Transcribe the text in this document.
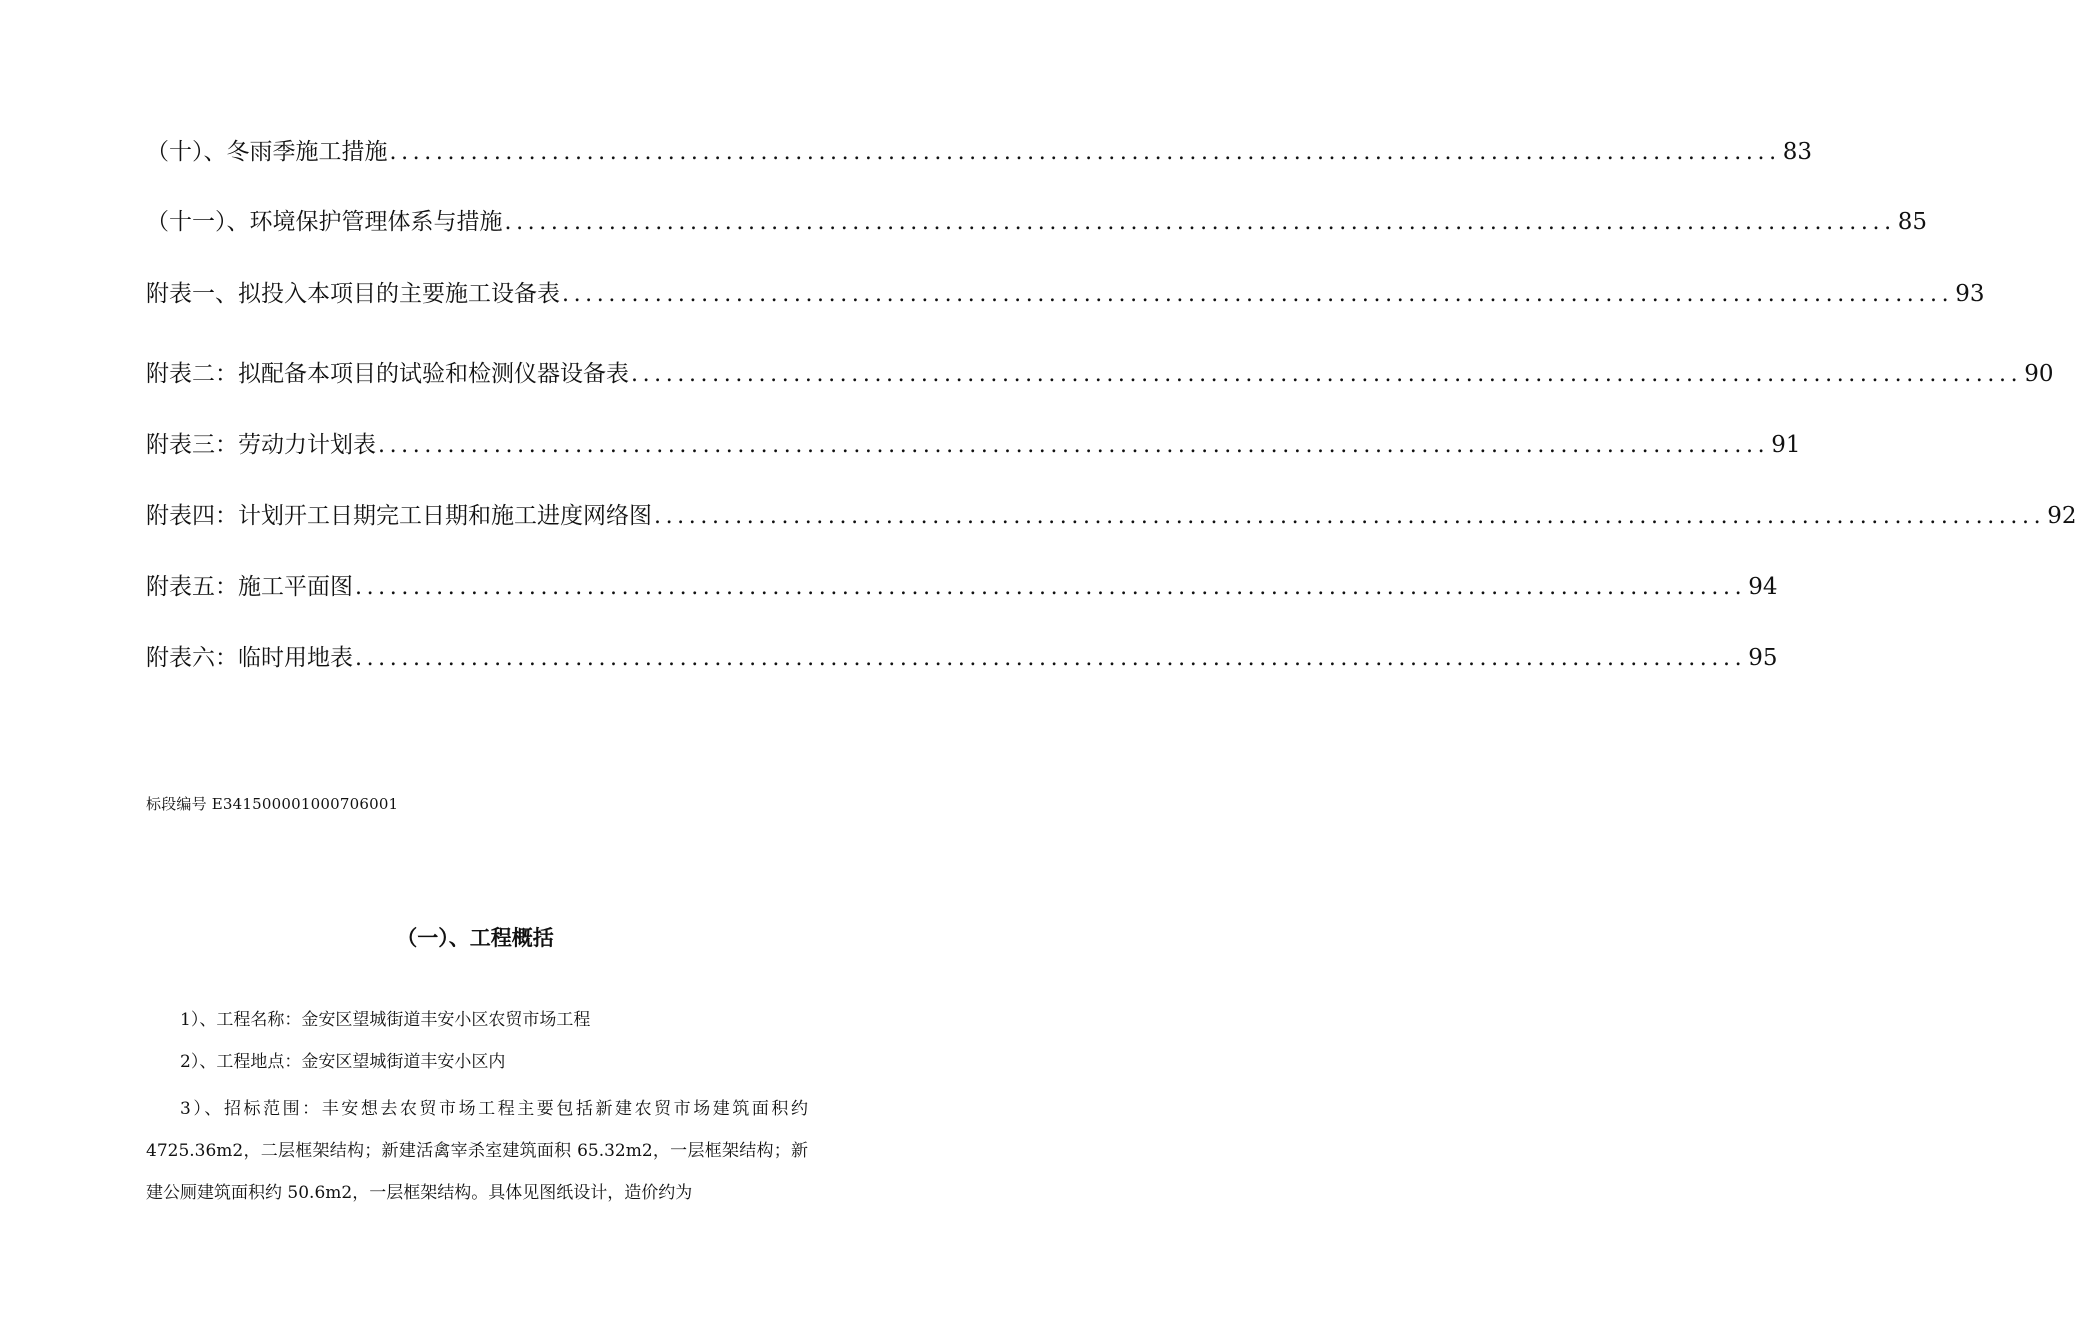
（十）、冬雨季施工措施 ........................................................................................................................ 83
（十一）、环境保护管理体系与措施 ........................................................................................................................ 85
附表一、拟投入本项目的主要施工设备表 ........................................................................................................................ 93
附表二：拟配备本项目的试验和检测仪器设备表 ........................................................................................................................ 90
附表三：劳动力计划表 ........................................................................................................................ 91
附表四：计划开工日期完工日期和施工进度网络图 ........................................................................................................................ 92
附表五：施工平面图 ........................................................................................................................ 94
附表六：临时用地表 ........................................................................................................................ 95
标段编号 E3415000010007060​01
（一）、工程概括

1）、工程名称：金安区望城街道丰安小区农贸市场工程

2）、工程地点：金安区望城街道丰安小区内

3）、招标范围：丰安想去农贸市场工程主要包括新建农贸市场建筑面积约4725.36m2，二层框架结构；新建活禽宰杀室建筑面积 65.32m2，一层框架结构；新建公厕建筑面积约 50.6m2，一层框架结构。具体见图纸设计，造价约为
